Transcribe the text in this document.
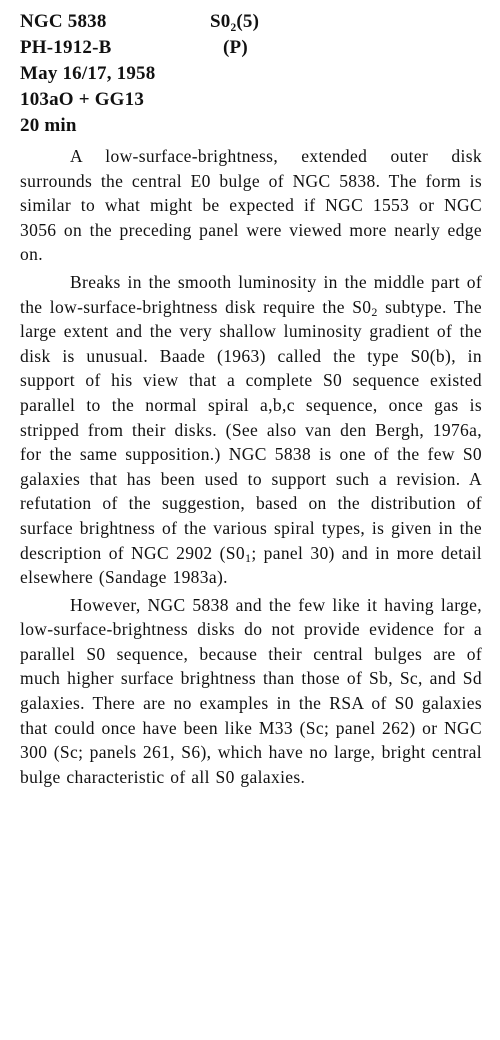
NGC 5838	S0₂(5)
PH-1912-B	(P)
May 16/17, 1958
103aO + GG13
20 min

A low-surface-brightness, extended outer disk surrounds the central E0 bulge of NGC 5838. The form is similar to what might be expected if NGC 1553 or NGC 3056 on the preceding panel were viewed more nearly edge on.

Breaks in the smooth luminosity in the middle part of the low-surface-brightness disk require the $S0_2$ subtype. The large extent and the very shallow luminosity gradient of the disk is unusual. Baade (1963) called the type S0(b), in support of his view that a complete S0 sequence existed parallel to the normal spiral a,b,c sequence, once gas is stripped from their disks. (See also van den Bergh, 1976a, for the same supposition.) NGC 5838 is one of the few S0 galaxies that has been used to support such a revision. A refutation of the suggestion, based on the distribution of surface brightness of the various spiral types, is given in the description of NGC 2902 ($S0_1$; panel 30) and in more detail elsewhere (Sandage 1983a).

However, NGC 5838 and the few like it having large, low-surface-brightness disks do not provide evidence for a parallel S0 sequence, because their central bulges are of much higher surface brightness than those of Sb, Sc, and Sd galaxies. There are no examples in the RSA of S0 galaxies that could once have been like M33 (Sc; panel 262) or NGC 300 (Sc; panels 261, S6), which have no large, bright central bulge characteristic of all S0 galaxies.
